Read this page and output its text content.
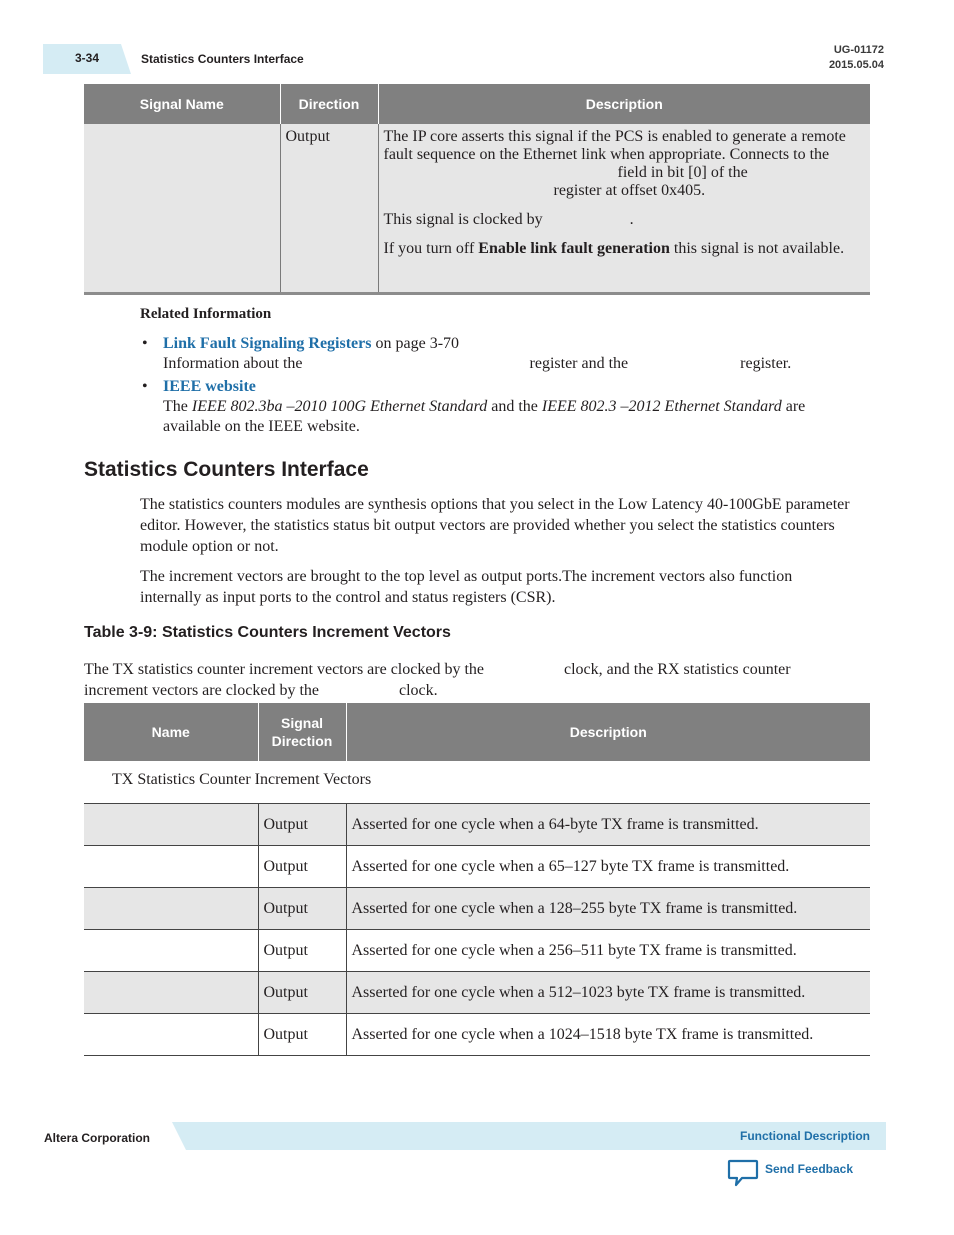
3-34	Statistics Counters Interface
UG-01172
2015.05.04
Signal Name	Direction	Description
	Output	The IP core asserts this signal if the PCS is enabled to generate a remote fault sequence on the Ethernet link when appropriate. Connects to the  field in bit [0] of the  register at offset 0x405.

This signal is clocked by .

If you turn off Enable link fault generation this signal is not available.

Related Information
• Link Fault Signaling Registers on page 3-70
Information about the	register and the	register.
• IEEE website
The IEEE 802.3ba –2010 100G Ethernet Standard and the IEEE 802.3 –2012 Ethernet Standard are available on the IEEE website.
Statistics Counters Interface

The statistics counters modules are synthesis options that you select in the Low Latency 40-100GbE parameter editor. However, the statistics status bit output vectors are provided whether you select the statistics counters module option or not.

The increment vectors are brought to the top level as output ports.The increment vectors also function internally as input ports to the control and status registers (CSR).

Table 3-9: Statistics Counters Increment Vectors

The TX statistics counter increment vectors are clocked by the	clock, and the RX statistics counter increment vectors are clocked by the	clock.

Name	Signal Direction	Description
TX Statistics Counter Increment Vectors		
	Output	Asserted for one cycle when a 64-byte TX frame is transmitted.
	Output	Asserted for one cycle when a 65–127 byte TX frame is transmitted.
	Output	Asserted for one cycle when a 128–255 byte TX frame is transmitted.
	Output	Asserted for one cycle when a 256–511 byte TX frame is transmitted.
	Output	Asserted for one cycle when a 512–1023 byte TX frame is transmitted.
	Output	Asserted for one cycle when a 1024–1518 byte TX frame is transmitted.
Altera Corporation	Functional Description
Send Feedback
